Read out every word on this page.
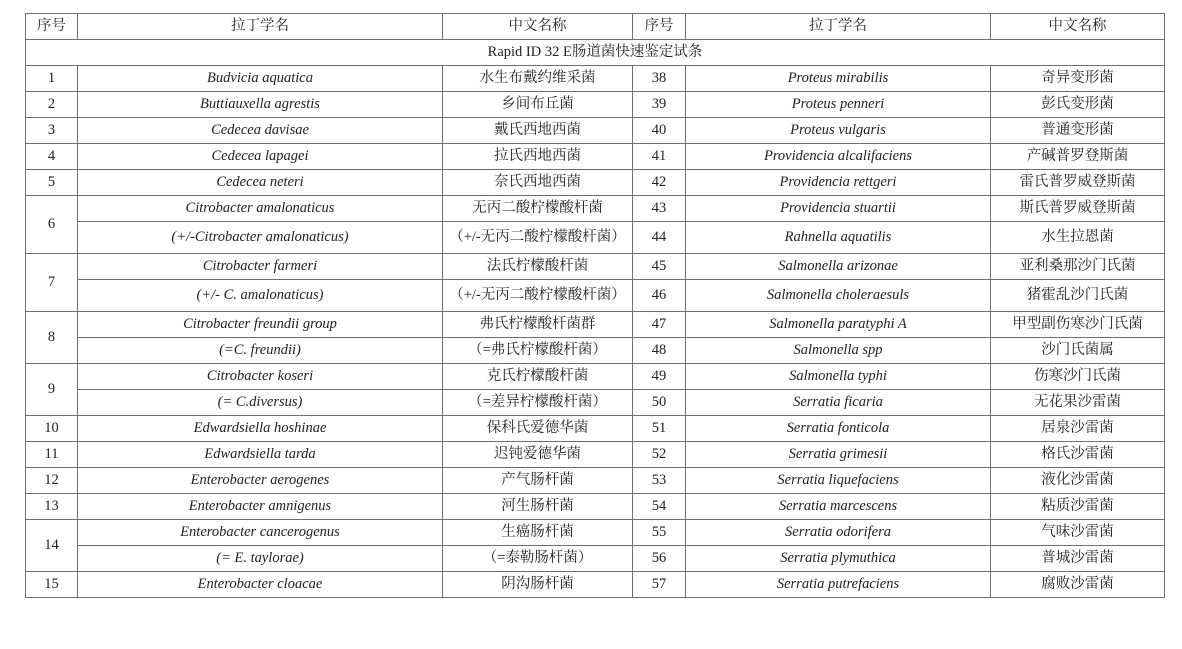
序号	拉丁学名	中文名称	序号	拉丁学名	中文名称
Rapid ID 32 E肠道菌快速鉴定试条					
1	Budvicia aquatica	水生布戴约维采菌	38	Proteus mirabilis	奇异变形菌
2	Buttiauxella agrestis	乡间布丘菌	39	Proteus penneri	彭氏变形菌
3	Cedecea davisae	戴氏西地西菌	40	Proteus vulgaris	普通变形菌
4	Cedecea lapagei	拉氏西地西菌	41	Providencia alcalifaciens	产碱普罗登斯菌
5	Cedecea neteri	奈氏西地西菌	42	Providencia rettgeri	雷氏普罗威登斯菌
6	Citrobacter amalonaticus	无丙二酸柠檬酸杆菌	43	Providencia stuartii	斯氏普罗威登斯菌
	(+/-Citrobacter amalonaticus)	（+/-无丙二酸柠檬酸杆菌）	44	Rahnella aquatilis	水生拉恩菌
7	Citrobacter farmeri	法氏柠檬酸杆菌	45	Salmonella arizonae	亚利桑那沙门氏菌
	(+/- C. amalonaticus)	（+/-无丙二酸柠檬酸杆菌）	46	Salmonella choleraesuls	猪霍乱沙门氏菌
8	Citrobacter freundii group	弗氏柠檬酸杆菌群	47	Salmonella paratyphi A	甲型副伤寒沙门氏菌
	(=C. freundii)	（=弗氏柠檬酸杆菌）	48	Salmonella spp	沙门氏菌属
9	Citrobacter koseri	克氏柠檬酸杆菌	49	Salmonella typhi	伤寒沙门氏菌
	(= C.diversus)	（=差异柠檬酸杆菌）	50	Serratia ficaria	无花果沙雷菌
10	Edwardsiella hoshinae	保科氏爱德华菌	51	Serratia fonticola	居泉沙雷菌
11	Edwardsiella tarda	迟钝爱德华菌	52	Serratia grimesii	格氏沙雷菌
12	Enterobacter aerogenes	产气肠杆菌	53	Serratia liquefaciens	液化沙雷菌
13	Enterobacter amnigenus	河生肠杆菌	54	Serratia marcescens	粘质沙雷菌
14	Enterobacter cancerogenus	生癌肠杆菌	55	Serratia odorifera	气味沙雷菌
	(= E. taylorae)	（=泰勒肠杆菌）	56	Serratia plymuthica	普城沙雷菌
15	Enterobacter cloacae	阴沟肠杆菌	57	Serratia putrefaciens	腐败沙雷菌
